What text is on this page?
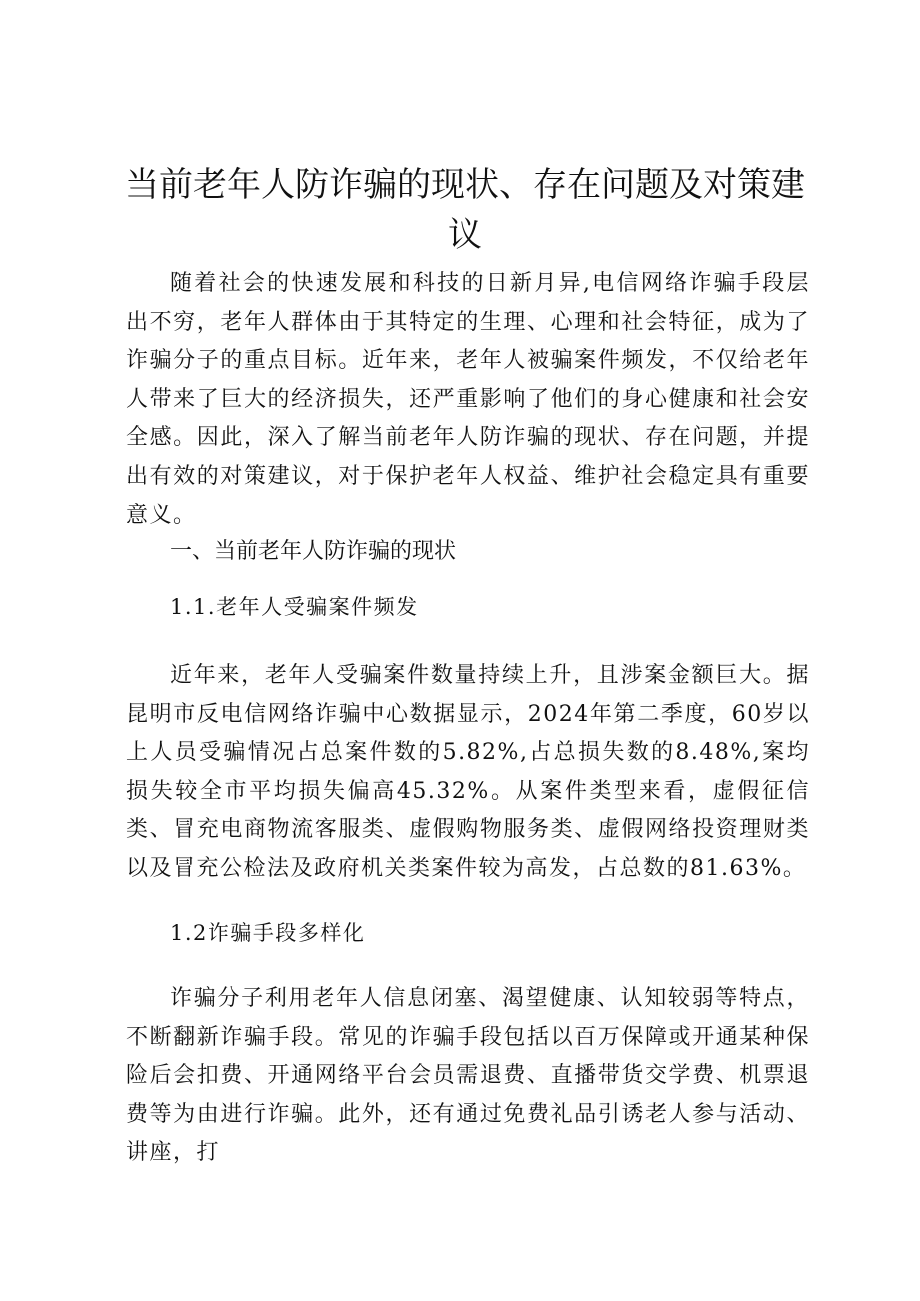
当前老年人防诈骗的现状、存在问题及对策建议

随着社会的快速发展和科技的日新月异,电信网络诈骗手段层出不穷，老年人群体由于其特定的生理、心理和社会特征，成为了诈骗分子的重点目标。近年来，老年人被骗案件频发，不仅给老年人带来了巨大的经济损失，还严重影响了他们的身心健康和社会安全感。因此，深入了解当前老年人防诈骗的现状、存在问题，并提出有效的对策建议，对于保护老年人权益、维护社会稳定具有重要意义。

一、当前老年人防诈骗的现状
1.1.老年人受骗案件频发

近年来，老年人受骗案件数量持续上升，且涉案金额巨大。据昆明市反电信网络诈骗中心数据显示，2024年第二季度，60岁以上人员受骗情况占总案件数的5.82%,占总损失数的8.48%,案均损失较全市平均损失偏高45.32%。从案件类型来看，虚假征信类、冒充电商物流客服类、虚假购物服务类、虚假网络投资理财类以及冒充公检法及政府机关类案件较为高发，占总数的81.63%。

1.2诈骗手段多样化

诈骗分子利用老年人信息闭塞、渴望健康、认知较弱等特点，不断翻新诈骗手段。常见的诈骗手段包括以百万保障或开通某种保险后会扣费、开通网络平台会员需退费、直播带货交学费、机票退费等为由进行诈骗。此外，还有通过免费礼品引诱老人参与活动、讲座，打
